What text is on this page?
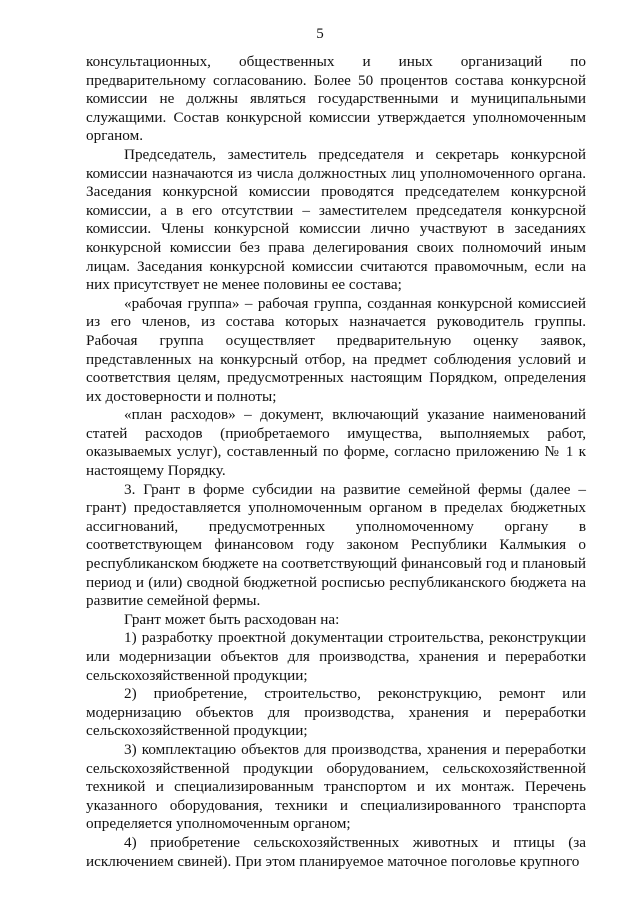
5

консультационных, общественных и иных организаций по предварительному согласованию. Более 50 процентов состава конкурсной комиссии не должны являться государственными и муниципальными служащими. Состав конкурсной комиссии утверждается уполномоченным органом.

Председатель, заместитель председателя и секретарь конкурсной комиссии назначаются из числа должностных лиц уполномоченного органа. Заседания конкурсной комиссии проводятся председателем конкурсной комиссии, а в его отсутствии – заместителем председателя конкурсной комиссии. Члены конкурсной комиссии лично участвуют в заседаниях конкурсной комиссии без права делегирования своих полномочий иным лицам. Заседания конкурсной комиссии считаются правомочным, если на них присутствует не менее половины ее состава;

«рабочая группа» – рабочая группа, созданная конкурсной комиссией из его членов, из состава которых назначается руководитель группы. Рабочая группа осуществляет предварительную оценку заявок, представленных на конкурсный отбор, на предмет соблюдения условий и соответствия целям, предусмотренных настоящим Порядком, определения их достоверности и полноты;

«план расходов» – документ, включающий указание наименований статей расходов (приобретаемого имущества, выполняемых работ, оказываемых услуг), составленный по форме, согласно приложению № 1 к настоящему Порядку.

3. Грант в форме субсидии на развитие семейной фермы (далее – грант) предоставляется уполномоченным органом в пределах бюджетных ассигнований, предусмотренных уполномоченному органу в соответствующем финансовом году законом Республики Калмыкия о республиканском бюджете на соответствующий финансовый год и плановый период и (или) сводной бюджетной росписью республиканского бюджета на развитие семейной фермы.

Грант может быть расходован на:

1) разработку проектной документации строительства, реконструкции или модернизации объектов для производства, хранения и переработки сельскохозяйственной продукции;

2) приобретение, строительство, реконструкцию, ремонт или модернизацию объектов для производства, хранения и переработки сельскохозяйственной продукции;

3) комплектацию объектов для производства, хранения и переработки сельскохозяйственной продукции оборудованием, сельскохозяйственной техникой и специализированным транспортом и их монтаж. Перечень указанного оборудования, техники и специализированного транспорта определяется уполномоченным органом;

4) приобретение сельскохозяйственных животных и птицы (за исключением свиней). При этом планируемое маточное поголовье крупного
